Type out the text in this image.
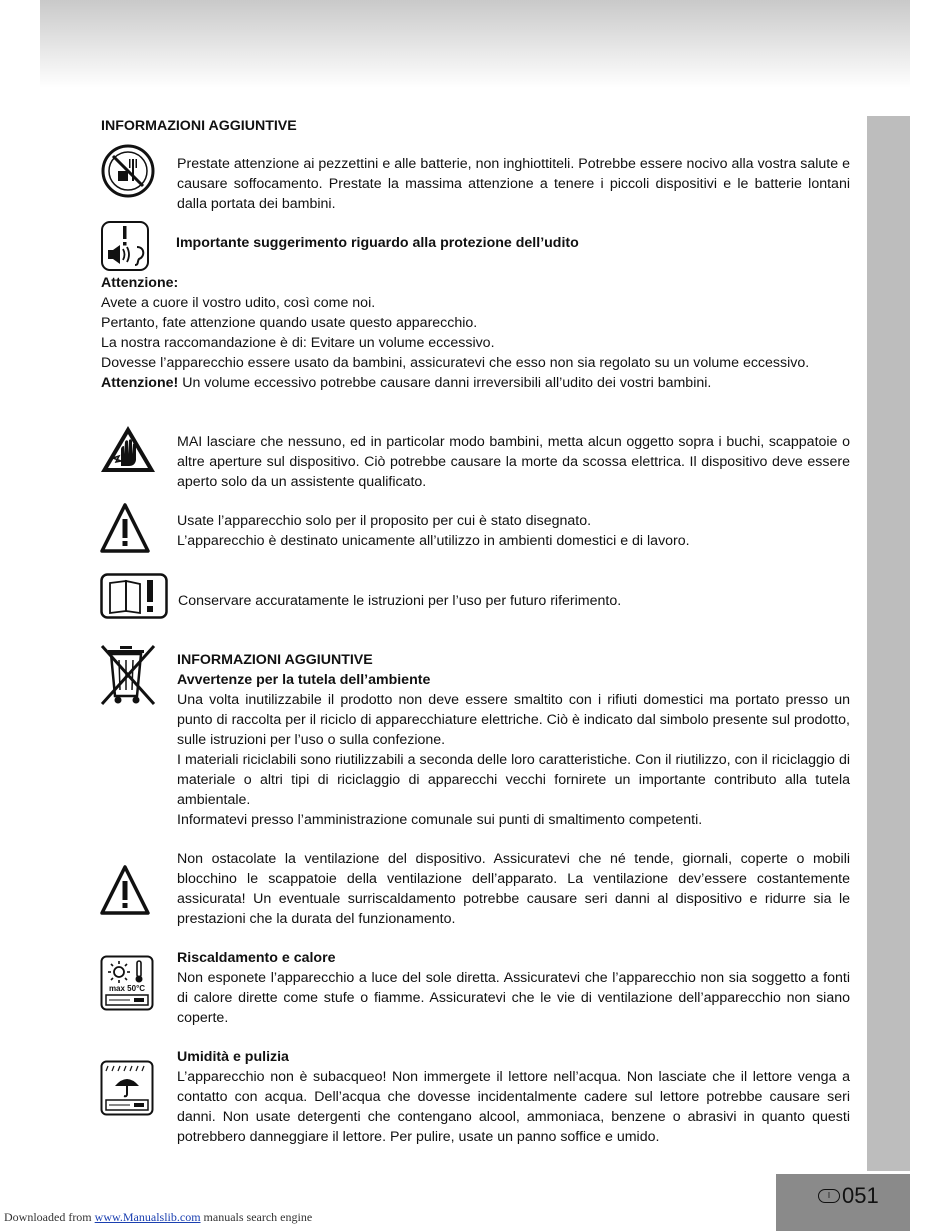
INFORMAZIONI AGGIUNTIVE
Prestate attenzione ai pezzettini e alle batterie, non inghiottiteli. Potrebbe essere nocivo alla vostra salute e causare soffocamento. Prestate la massima attenzione a tenere i piccoli dispositivi e le batterie lontani dalla portata dei bambini.
Importante suggerimento riguardo alla protezione dell’udito

Attenzione:

Avete a cuore il vostro udito, così come noi.

Pertanto, fate attenzione quando usate questo apparecchio.

La nostra raccomandazione è di: Evitare un volume eccessivo.

Dovesse l’apparecchio essere usato da bambini, assicuratevi che esso non sia regolato su un volume eccessivo.

Attenzione! Un volume eccessivo potrebbe causare danni irreversibili all’udito dei vostri bambini.

MAI lasciare che nessuno, ed in particolar modo bambini, metta alcun oggetto sopra i buchi, scappatoie o altre aperture sul dispositivo. Ciò potrebbe causare la morte da scossa elettrica. Il dispositivo deve essere aperto solo da un assistente qualificato.

Usate l’apparecchio solo per il proposito per cui è stato disegnato.

L’apparecchio è destinato unicamente all’utilizzo in ambienti domestici e di lavoro.

Conservare accuratamente le istruzioni per l’uso per futuro riferimento.

INFORMAZIONI AGGIUNTIVE

Avvertenze per la tutela dell’ambiente

Una volta inutilizzabile il prodotto non deve essere smaltito con i rifiuti domestici ma portato presso un punto di raccolta per il riciclo di apparecchiature elettriche. Ciò è indicato dal simbolo presente sul prodotto, sulle istruzioni per l’uso o sulla confezione.

I materiali riciclabili sono riutilizzabili a seconda delle loro caratteristiche. Con il riutilizzo, con il riciclaggio di materiale o altri tipi di riciclaggio di apparecchi vecchi fornirete un importante contributo alla tutela ambientale.

Informatevi presso l’amministrazione comunale sui punti di smaltimento competenti.

Non ostacolate la ventilazione del dispositivo. Assicuratevi che né tende, giornali, coperte o mobili blocchino le scappatoie della ventilazione dell’apparato. La ventilazione dev’essere costantemente assicurata! Un eventuale surriscaldamento potrebbe causare seri danni al dispositivo e ridurre sia le prestazioni che la durata del funzionamento.
max 50°C

Riscaldamento e calore

Non esponete l’apparecchio a luce del sole diretta. Assicuratevi che l’apparecchio non sia soggetto a fonti di calore dirette come stufe o fiamme. Assicuratevi che le vie di ventilazione dell’apparecchio non siano coperte.

Umidità e pulizia

L’apparecchio non è subacqueo! Non immergete il lettore nell’acqua. Non lasciate che il lettore venga a contatto con acqua. Dell’acqua che dovesse incidentalmente cadere sul lettore potrebbe causare seri danni. Non usate detergenti che contengano alcool, ammoniaca, benzene o abrasivi in quanto questi potrebbero danneggiare il lettore. Per pulire, usate un panno soffice e umido.

I 051
Downloaded from www.Manualslib.com manuals search engine
